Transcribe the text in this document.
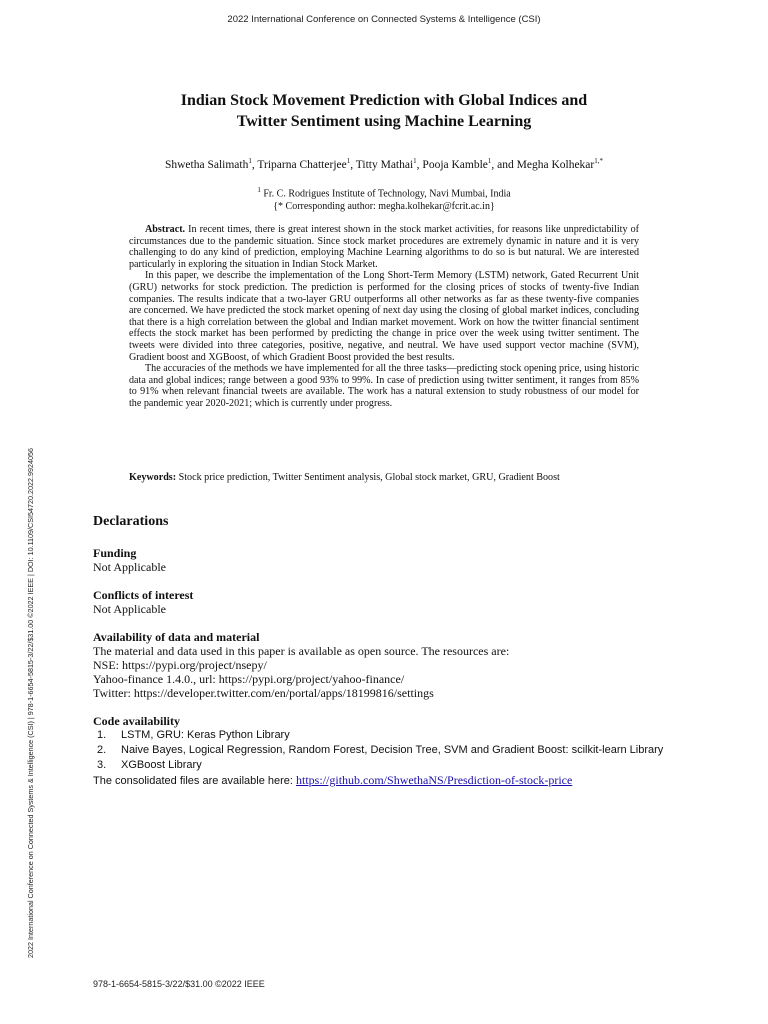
2022 International Conference on Connected Systems & Intelligence (CSI)
2022 International Conference on Connected Systems & Intelligence (CSI) | 978-1-6654-5815-3/22/$31.00 ©2022 IEEE | DOI: 10.1109/CSI54720.2022.9924056
Indian Stock Movement Prediction with Global Indices and
Twitter Sentiment using Machine Learning
Shwetha Salimath$^1$, Triparna Chatterjee$^1$, Titty Mathai$^1$, Pooja Kamble$^1$, and Megha Kolhekar$^{1,*}$
$^1$ Fr. C. Rodrigues Institute of Technology, Navi Mumbai, India
{* Corresponding author: megha.kolhekar@fcrit.ac.in}

Abstract. In recent times, there is great interest shown in the stock market activities, for reasons like unpredictability of circumstances due to the pandemic situation. Since stock market procedures are extremely dynamic in nature and it is very challenging to do any kind of prediction, employing Machine Learning algorithms to do so is but natural. We are interested particularly in exploring the situation in Indian Stock Market.

In this paper, we describe the implementation of the Long Short-Term Memory (LSTM) network, Gated Recurrent Unit (GRU) networks for stock prediction. The prediction is performed for the closing prices of stocks of twenty-five Indian companies. The results indicate that a two-layer GRU outperforms all other networks as far as these twenty-five companies are concerned. We have predicted the stock market opening of next day using the closing of global market indices, concluding that there is a high correlation between the global and Indian market movement. Work on how the twitter financial sentiment effects the stock market has been performed by predicting the change in price over the week using twitter sentiment. The tweets were divided into three categories, positive, negative, and neutral. We have used support vector machine (SVM), Gradient boost and XGBoost, of which Gradient Boost provided the best results.

The accuracies of the methods we have implemented for all the three tasks—predicting stock opening price, using historic data and global indices; range between a good 93% to 99%. In case of prediction using twitter sentiment, it ranges from 85% to 91% when relevant financial tweets are available. The work has a natural extension to study robustness of our model for the pandemic year 2020-2021; which is currently under progress.

Keywords: Stock price prediction, Twitter Sentiment analysis, Global stock market, GRU, Gradient Boost
Declarations

Funding

Not Applicable

Conflicts of interest

Not Applicable

Availability of data and material

The material and data used in this paper is available as open source. The resources are:

NSE: https://pypi.org/project/nsepy/

Yahoo-finance 1.4.0., url: https://pypi.org/project/yahoo-finance/

Twitter: https://developer.twitter.com/en/portal/apps/18199816/settings

Code availability

1. LSTM, GRU: Keras Python Library
2. Naive Bayes, Logical Regression, Random Forest, Decision Tree, SVM and Gradient Boost: scilkit-learn Library
3. XGBoost Library

The consolidated files are available here: https://github.com/ShwethaNS/Presdiction-of-stock-price

978-1-6654-5815-3/22/$31.00 ©2022 IEEE
